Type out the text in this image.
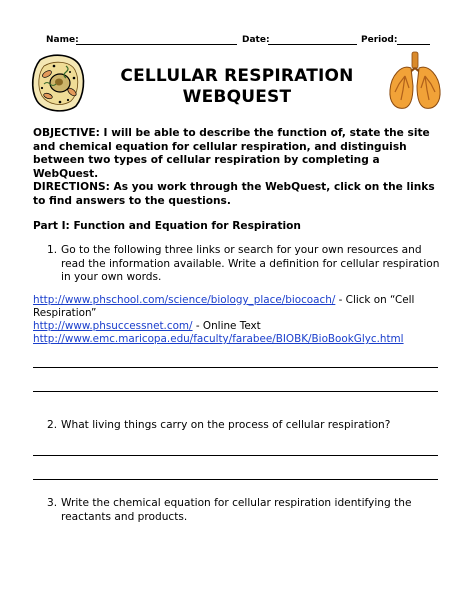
Name:	Date:	Period:
CELLULAR RESPIRATION
WEBQUEST
OBJECTIVE: I will be able to describe the function of, state the site and chemical equation for cellular respiration, and distinguish between two types of cellular respiration by completing a WebQuest.
DIRECTIONS: As you work through the WebQuest, click on the links to find answers to the questions.
Part I: Function and Equation for Respiration
1. Go to the following three links or search for your own resources and read the information available. Write a definition for cellular respiration in your own words.
http://www.phschool.com/science/biology_place/biocoach/ - Click on “Cell
Respiration”
http://www.phsuccessnet.com/ - Online Text
http://www.emc.maricopa.edu/faculty/farabee/BIOBK/BioBookGlyc.html
2. What living things carry on the process of cellular respiration?
3. Write the chemical equation for cellular respiration identifying the reactants and products.
